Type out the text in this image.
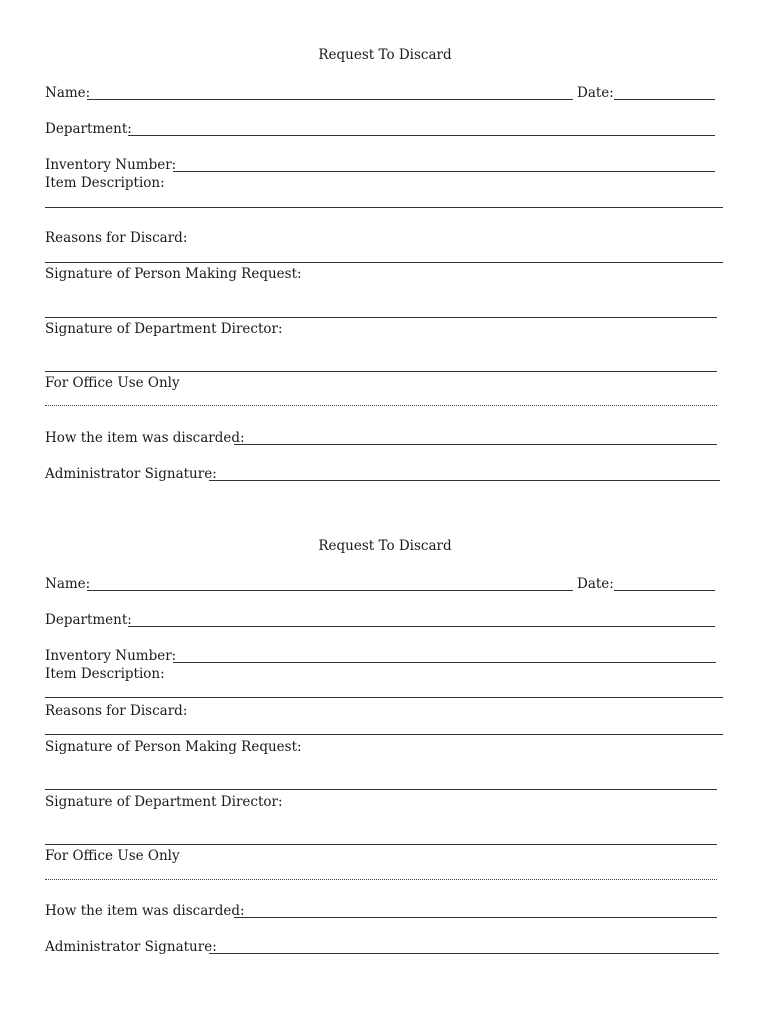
Request To Discard
Name:	Date:
Department:
Inventory Number:
Item Description:
Reasons for Discard:
Signature of Person Making Request:
Signature of Department Director:
For Office Use Only
How the item was discarded:
Administrator Signature:
Request To Discard
Name:	Date:
Department:
Inventory Number:
Item Description:
Reasons for Discard:
Signature of Person Making Request:
Signature of Department Director:
For Office Use Only
How the item was discarded:
Administrator Signature:
